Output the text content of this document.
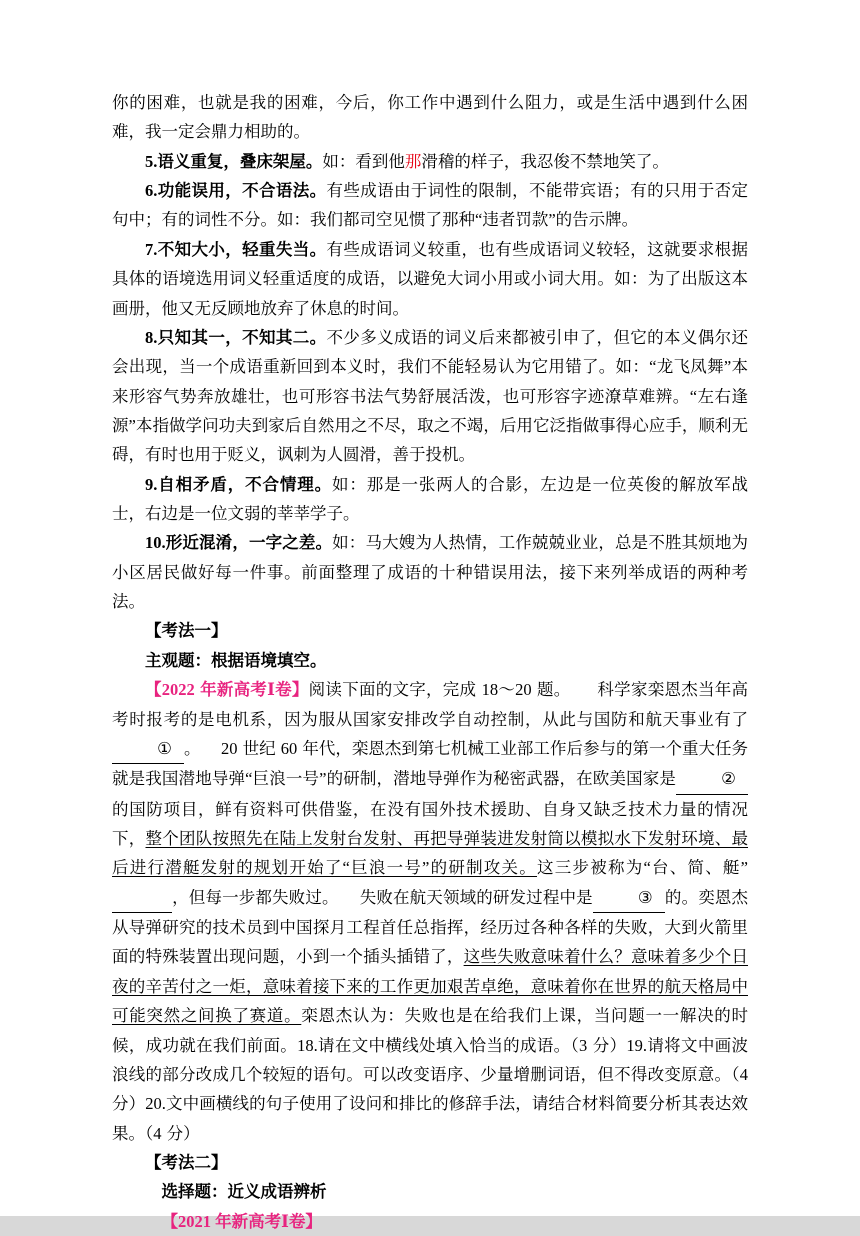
你的困难，也就是我的困难，今后，你工作中遇到什么阻力，或是生活中遇到什么困难，我一定会鼎力相助的。

5.语义重复，叠床架屋。如：看到他那滑稽的样子，我忍俊不禁地笑了。

6.功能误用，不合语法。有些成语由于词性的限制，不能带宾语；有的只用于否定句中；有的词性不分。如：我们都司空见惯了那种“违者罚款”的告示牌。

7.不知大小，轻重失当。有些成语词义较重，也有些成语词义较轻，这就要求根据具体的语境选用词义轻重适度的成语，以避免大词小用或小词大用。如：为了出版这本画册，他又无反顾地放弃了休息的时间。

8.只知其一，不知其二。不少多义成语的词义后来都被引申了，但它的本义偶尔还会出现，当一个成语重新回到本义时，我们不能轻易认为它用错了。如：“龙飞凤舞”本来形容气势奔放雄壮，也可形容书法气势舒展活泼，也可形容字迹潦草难辨。“左右逢源”本指做学问功夫到家后自然用之不尽，取之不竭，后用它泛指做事得心应手，顺利无碍，有时也用于贬义，讽刺为人圆滑，善于投机。

9.自相矛盾，不合情理。如：那是一张两人的合影，左边是一位英俊的解放军战士，右边是一位文弱的莘莘学子。

10.形近混淆，一字之差。如：马大嫂为人热情，工作兢兢业业，总是不胜其烦地为小区居民做好每一件事。前面整理了成语的十种错误用法，接下来列举成语的两种考法。

【考法一】

主观题：根据语境填空。

【2022 年新高考Ⅰ卷】阅读下面的文字，完成 18～20 题。 科学家栾恩杰当年高考时报考的是电机系，因为服从国家安排改学自动控制，从此与国防和航天事业有了① 。 20 世纪 60 年代，栾恩杰到第七机械工业部工作后参与的第一个重大任务就是我国潜地导弹“巨浪一号”的研制，潜地导弹作为秘密武器，在欧美国家是	②的国防项目，鲜有资料可供借鉴，在没有国外技术援助、自身又缺乏技术力量的情况下，整个团队按照先在陆上发射台发射、再把导弹装进发射筒以模拟水下发射环境、最后进行潜艇发射的规划开始了“巨浪一号”的研制攻关。这三步被称为“台、简、艇” ，但每一步都失败过。 失败在航天领域的研发过程中是	③ 的。奕恩杰从导弹研究的技术员到中国探月工程首任总指挥，经历过各种各样的失败，大到火箭里面的特殊装置出现问题，小到一个插头插错了，这些失败意味着什么？意味着多少个日夜的辛苦付之一炬，意味着接下来的工作更加艰苦卓绝，意味着你在世界的航天格局中可能突然之间换了赛道。栾恩杰认为：失败也是在给我们上课，当问题一一解决的时候，成功就在我们前面。18.请在文中横线处填入恰当的成语。（3 分）19.请将文中画波浪线的部分改成几个较短的语句。可以改变语序、少量增删词语，但不得改变原意。（4 分）20.文中画横线的句子使用了设问和排比的修辞手法，请结合材料简要分析其表达效果。（4 分）

【考法二】

选择题：近义成语辨析

【2021 年新高考Ⅰ卷】
